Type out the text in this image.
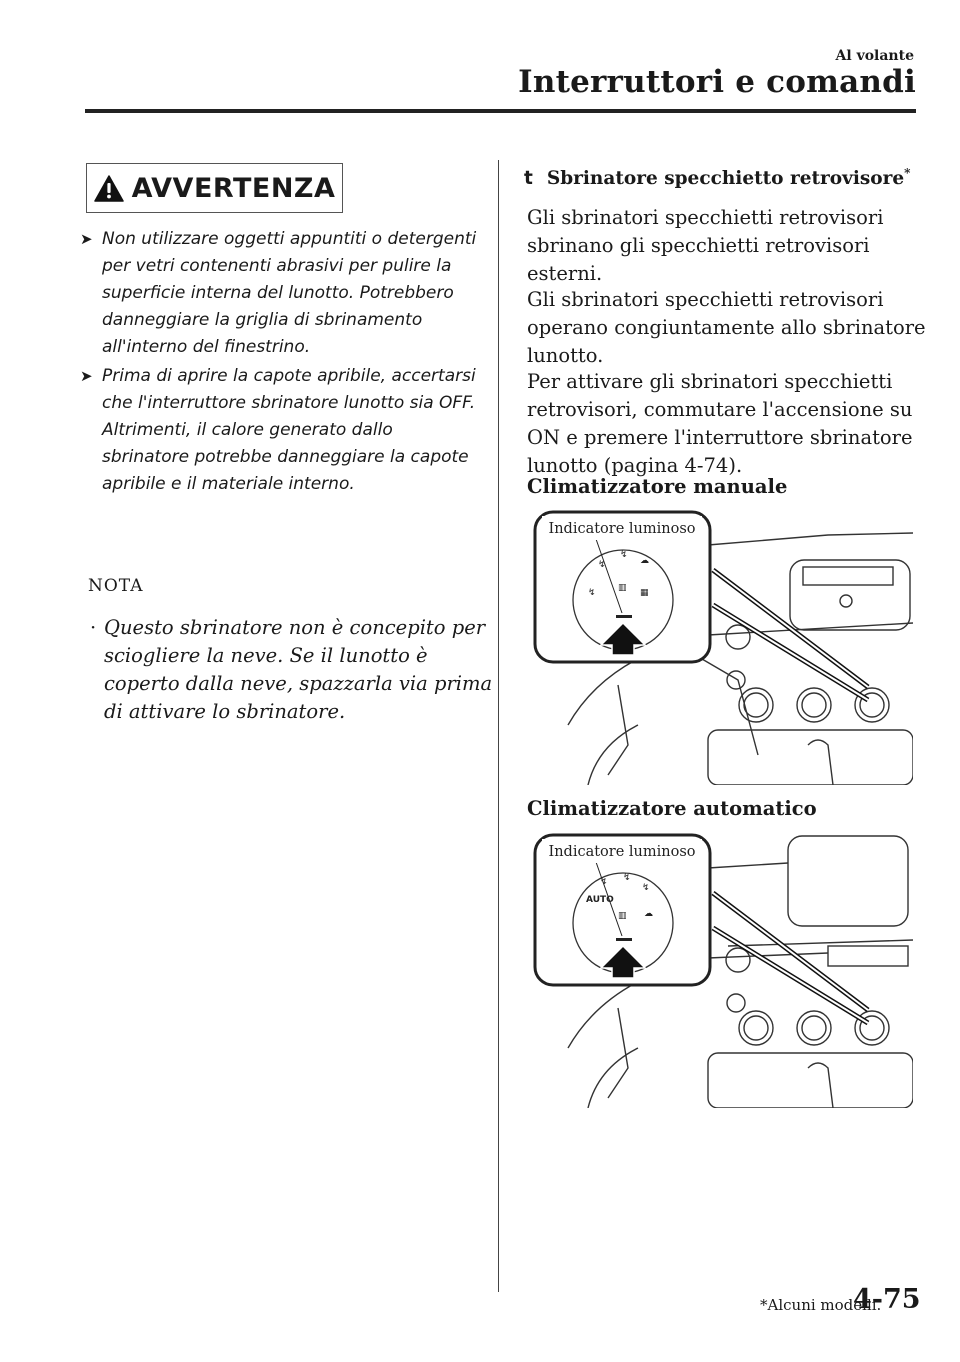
Al volante
Interruttori e comandi
AVVERTENZA
➤ Non utilizzare oggetti appuntiti o detergenti per vetri contenenti abrasivi per pulire la superficie interna del lunotto. Potrebbero danneggiare la griglia di sbrinamento all'interno del finestrino.
➤ Prima di aprire la capote apribile, accertarsi che l'interruttore sbrinatore lunotto sia OFF. Altrimenti, il calore generato dallo sbrinatore potrebbe danneggiare la capote apribile e il materiale interno.
NOTA
· Questo sbrinatore non è concepito per sciogliere la neve. Se il lunotto è coperto dalla neve, spazzarla via prima di attivare lo sbrinatore.
t Sbrinatore specchietto retrovisore*
Gli sbrinatori specchietti retrovisori sbrinano gli specchietti retrovisori esterni.
Gli sbrinatori specchietti retrovisori operano congiuntamente allo sbrinatore lunotto.
Per attivare gli sbrinatori specchietti retrovisori, commutare l'accensione su ON e premere l'interruttore sbrinatore lunotto (pagina 4-74).
Climatizzatore manuale
↯
↯
☁
↯	▦
▥
Indicatore luminoso
Climatizzatore automatico
↯ ↯
↯
▥ ☁
AUTO
Indicatore luminoso
*Alcuni modelli.
4-75
